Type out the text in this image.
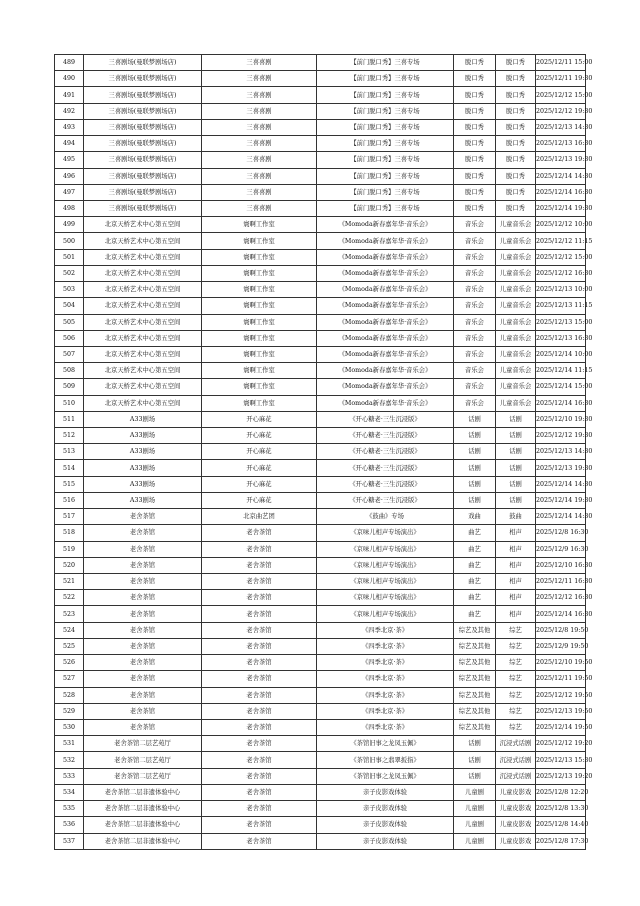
489	三喜剧场(曼联梦剧场店)	三喜喜剧	【前门脱口秀】三喜专场	脱口秀	脱口秀	2025/12/11 15:00
490	三喜剧场(曼联梦剧场店)	三喜喜剧	【前门脱口秀】三喜专场	脱口秀	脱口秀	2025/12/11 19:30
491	三喜剧场(曼联梦剧场店)	三喜喜剧	【前门脱口秀】三喜专场	脱口秀	脱口秀	2025/12/12 15:00
492	三喜剧场(曼联梦剧场店)	三喜喜剧	【前门脱口秀】三喜专场	脱口秀	脱口秀	2025/12/12 19:30
493	三喜剧场(曼联梦剧场店)	三喜喜剧	【前门脱口秀】三喜专场	脱口秀	脱口秀	2025/12/13 14:30
494	三喜剧场(曼联梦剧场店)	三喜喜剧	【前门脱口秀】三喜专场	脱口秀	脱口秀	2025/12/13 16:30
495	三喜剧场(曼联梦剧场店)	三喜喜剧	【前门脱口秀】三喜专场	脱口秀	脱口秀	2025/12/13 19:30
496	三喜剧场(曼联梦剧场店)	三喜喜剧	【前门脱口秀】三喜专场	脱口秀	脱口秀	2025/12/14 14:30
497	三喜剧场(曼联梦剧场店)	三喜喜剧	【前门脱口秀】三喜专场	脱口秀	脱口秀	2025/12/14 16:30
498	三喜剧场(曼联梦剧场店)	三喜喜剧	【前门脱口秀】三喜专场	脱口秀	脱口秀	2025/12/14 19:30
499	北京天桥艺术中心第五空间	寰啊工作室	《Momoda新春嘉年华·音乐会》	音乐会	儿童音乐会	2025/12/12 10:00
500	北京天桥艺术中心第五空间	寰啊工作室	《Momoda新春嘉年华·音乐会》	音乐会	儿童音乐会	2025/12/12 11:15
501	北京天桥艺术中心第五空间	寰啊工作室	《Momoda新春嘉年华·音乐会》	音乐会	儿童音乐会	2025/12/12 15:00
502	北京天桥艺术中心第五空间	寰啊工作室	《Momoda新春嘉年华·音乐会》	音乐会	儿童音乐会	2025/12/12 16:30
503	北京天桥艺术中心第五空间	寰啊工作室	《Momoda新春嘉年华·音乐会》	音乐会	儿童音乐会	2025/12/13 10:00
504	北京天桥艺术中心第五空间	寰啊工作室	《Momoda新春嘉年华·音乐会》	音乐会	儿童音乐会	2025/12/13 11:15
505	北京天桥艺术中心第五空间	寰啊工作室	《Momoda新春嘉年华·音乐会》	音乐会	儿童音乐会	2025/12/13 15:00
506	北京天桥艺术中心第五空间	寰啊工作室	《Momoda新春嘉年华·音乐会》	音乐会	儿童音乐会	2025/12/13 16:30
507	北京天桥艺术中心第五空间	寰啊工作室	《Momoda新春嘉年华·音乐会》	音乐会	儿童音乐会	2025/12/14 10:00
508	北京天桥艺术中心第五空间	寰啊工作室	《Momoda新春嘉年华·音乐会》	音乐会	儿童音乐会	2025/12/14 11:15
509	北京天桥艺术中心第五空间	寰啊工作室	《Momoda新春嘉年华·音乐会》	音乐会	儿童音乐会	2025/12/14 15:00
510	北京天桥艺术中心第五空间	寰啊工作室	《Momoda新春嘉年华·音乐会》	音乐会	儿童音乐会	2025/12/14 16:30
511	A33剧场	开心麻花	《开心糖老·三生沉浸版》	话剧	话剧	2025/12/10 19:30
512	A33剧场	开心麻花	《开心糖老·三生沉浸版》	话剧	话剧	2025/12/12 19:30
513	A33剧场	开心麻花	《开心糖老·三生沉浸版》	话剧	话剧	2025/12/13 14:30
514	A33剧场	开心麻花	《开心糖老·三生沉浸版》	话剧	话剧	2025/12/13 19:30
515	A33剧场	开心麻花	《开心糖老·三生沉浸版》	话剧	话剧	2025/12/14 14:30
516	A33剧场	开心麻花	《开心糖老·三生沉浸版》	话剧	话剧	2025/12/14 19:30
517	老舍茶馆	北京曲艺团	《鼓曲》专场	戏曲	鼓曲	2025/12/14 14:30
518	老舍茶馆	老舍茶馆	《京味儿相声专场演出》	曲艺	相声	2025/12/8 16:30
519	老舍茶馆	老舍茶馆	《京味儿相声专场演出》	曲艺	相声	2025/12/9 16:30
520	老舍茶馆	老舍茶馆	《京味儿相声专场演出》	曲艺	相声	2025/12/10 16:30
521	老舍茶馆	老舍茶馆	《京味儿相声专场演出》	曲艺	相声	2025/12/11 16:30
522	老舍茶馆	老舍茶馆	《京味儿相声专场演出》	曲艺	相声	2025/12/12 16:30
523	老舍茶馆	老舍茶馆	《京味儿相声专场演出》	曲艺	相声	2025/12/14 16:30
524	老舍茶馆	老舍茶馆	《四季北京·茶》	综艺及其他	综艺	2025/12/8 19:50
525	老舍茶馆	老舍茶馆	《四季北京·茶》	综艺及其他	综艺	2025/12/9 19:50
526	老舍茶馆	老舍茶馆	《四季北京·茶》	综艺及其他	综艺	2025/12/10 19:50
527	老舍茶馆	老舍茶馆	《四季北京·茶》	综艺及其他	综艺	2025/12/11 19:50
528	老舍茶馆	老舍茶馆	《四季北京·茶》	综艺及其他	综艺	2025/12/12 19:50
529	老舍茶馆	老舍茶馆	《四季北京·茶》	综艺及其他	综艺	2025/12/13 19:50
530	老舍茶馆	老舍茶馆	《四季北京·茶》	综艺及其他	综艺	2025/12/14 19:50
531	老舍茶馆二层艺苑厅	老舍茶馆	《茶馆旧事之龙凤玉佩》	话剧	沉浸式话剧	2025/12/12 19:20
532	老舍茶馆二层艺苑厅	老舍茶馆	《茶馆旧事之翡翠扳指》	话剧	沉浸式话剧	2025/12/13 15:30
533	老舍茶馆二层艺苑厅	老舍茶馆	《茶馆旧事之龙凤玉佩》	话剧	沉浸式话剧	2025/12/13 19:20
534	老舍茶馆二层非遗体验中心	老舍茶馆	亲子皮影戏体验	儿童剧	儿童皮影戏	2025/12/8 12:20
535	老舍茶馆二层非遗体验中心	老舍茶馆	亲子皮影戏体验	儿童剧	儿童皮影戏	2025/12/8 13:30
536	老舍茶馆二层非遗体验中心	老舍茶馆	亲子皮影戏体验	儿童剧	儿童皮影戏	2025/12/8 14:40
537	老舍茶馆二层非遗体验中心	老舍茶馆	亲子皮影戏体验	儿童剧	儿童皮影戏	2025/12/8 17:30
